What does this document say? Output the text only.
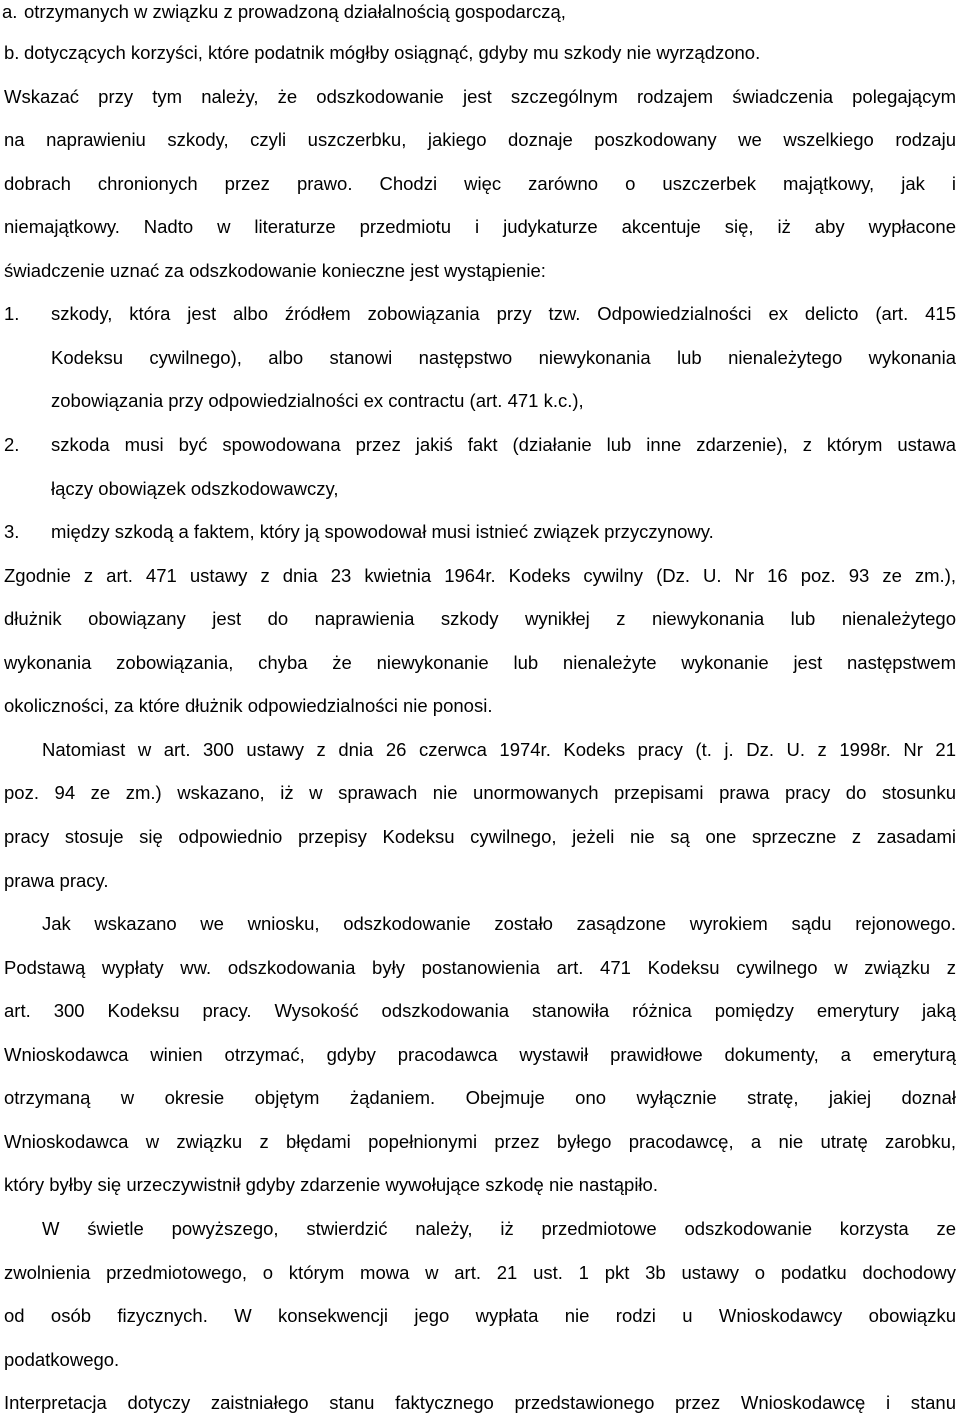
a. otrzymanych w związku z prowadzoną działalnością gospodarczą,
b. dotyczących korzyści, które podatnik mógłby osiągnąć, gdyby mu szkody nie wyrządzono.
Wskazać przy tym należy, że odszkodowanie jest szczególnym rodzajem świadczenia polegającym
na naprawieniu szkody, czyli uszczerbku, jakiego doznaje poszkodowany we wszelkiego rodzaju
dobrach chronionych przez prawo. Chodzi więc zarówno o uszczerbek majątkowy, jak i
niemajątkowy. Nadto w literaturze przedmiotu i judykaturze akcentuje się, iż aby wypłacone
świadczenie uznać za odszkodowanie konieczne jest wystąpienie:
1. szkody, która jest albo źródłem zobowiązania przy tzw. Odpowiedzialności ex delicto (art. 415
Kodeksu cywilnego), albo stanowi następstwo niewykonania lub nienależytego wykonania
zobowiązania przy odpowiedzialności ex contractu (art. 471 k.c.),
2. szkoda musi być spowodowana przez jakiś fakt (działanie lub inne zdarzenie), z którym ustawa
łączy obowiązek odszkodowawczy,
3. między szkodą a faktem, który ją spowodował musi istnieć związek przyczynowy.
Zgodnie z art. 471 ustawy z dnia 23 kwietnia 1964r. Kodeks cywilny (Dz. U. Nr 16 poz. 93 ze zm.),
dłużnik obowiązany jest do naprawienia szkody wynikłej z niewykonania lub nienależytego
wykonania zobowiązania, chyba że niewykonanie lub nienależyte wykonanie jest następstwem
okoliczności, za które dłużnik odpowiedzialności nie ponosi.
Natomiast w art. 300 ustawy z dnia 26 czerwca 1974r. Kodeks pracy (t. j. Dz. U. z 1998r. Nr 21
poz. 94 ze zm.) wskazano, iż w sprawach nie unormowanych przepisami prawa pracy do stosunku
pracy stosuje się odpowiednio przepisy Kodeksu cywilnego, jeżeli nie są one sprzeczne z zasadami
prawa pracy.
Jak wskazano we wniosku, odszkodowanie zostało zasądzone wyrokiem sądu rejonowego.
Podstawą wypłaty ww. odszkodowania były postanowienia art. 471 Kodeksu cywilnego w związku z
art. 300 Kodeksu pracy. Wysokość odszkodowania stanowiła różnica pomiędzy emerytury jaką
Wnioskodawca winien otrzymać, gdyby pracodawca wystawił prawidłowe dokumenty, a emeryturą
otrzymaną w okresie objętym żądaniem. Obejmuje ono wyłącznie stratę, jakiej doznał
Wnioskodawca w związku z błędami popełnionymi przez byłego pracodawcę, a nie utratę zarobku,
który byłby się urzeczywistnił gdyby zdarzenie wywołujące szkodę nie nastąpiło.
W świetle powyższego, stwierdzić należy, iż przedmiotowe odszkodowanie korzysta ze
zwolnienia przedmiotowego, o którym mowa w art. 21 ust. 1 pkt 3b ustawy o podatku dochodowy
od osób fizycznych. W konsekwencji jego wypłata nie rodzi u Wnioskodawcy obowiązku
podatkowego.
Interpretacja dotyczy zaistniałego stanu faktycznego przedstawionego przez Wnioskodawcę i stanu
